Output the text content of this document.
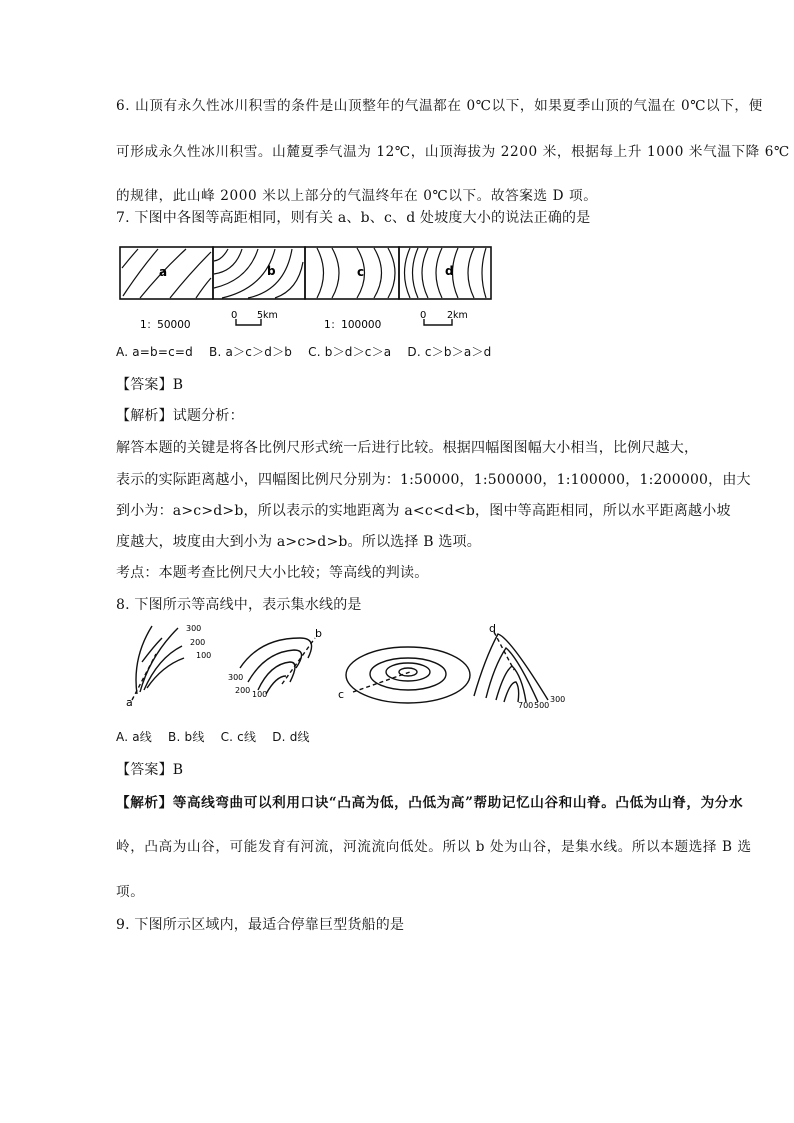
6. 山顶有永久性冰川积雪的条件是山顶整年的气温都在 0℃以下，如果夏季山顶的气温在 0℃以下，便
可形成永久性冰川积雪。山麓夏季气温为 12℃，山顶海拔为 2200 米，根据每上升 1000 米气温下降 6℃
的规律，此山峰 2000 米以上部分的气温终年在 0℃以下。故答案选 D 项。
7. 下图中各图等高距相同，则有关 a、b、c、d 处坡度大小的说法正确的是
a	b	c	d
1：50000
0 5km
1：100000
0 2km
A. a=b=c=d    B. a＞c＞d＞b    C. b＞d＞c＞a    D. c＞b＞a＞d
【答案】B
【解析】试题分析：
解答本题的关键是将各比例尺形式统一后进行比较。根据四幅图图幅大小相当，比例尺越大，
表示的实际距离越小，四幅图比例尺分别为：1:50000，1:500000，1:100000，1:200000，由大
到小为：a>c>d>b，所以表示的实地距离为 a<c<d<b，图中等高距相同，所以水平距离越小坡
度越大，坡度由大到小为 a>c>d>b。所以选择 B 选项。
考点：本题考查比例尺大小比较；等高线的判读。
8. 下图所示等高线中，表示集水线的是
a
300
200
100
b
300
200 100	c
d
700 500
300
A. a线    B. b线    C. c线    D. d线
【答案】B
【解析】等高线弯曲可以利用口诀“凸高为低，凸低为高”帮助记忆山谷和山脊。凸低为山脊，为分水
岭，凸高为山谷，可能发育有河流，河流流向低处。所以 b 处为山谷，是集水线。所以本题选择 B 选
项。
9. 下图所示区域内，最适合停靠巨型货船的是
